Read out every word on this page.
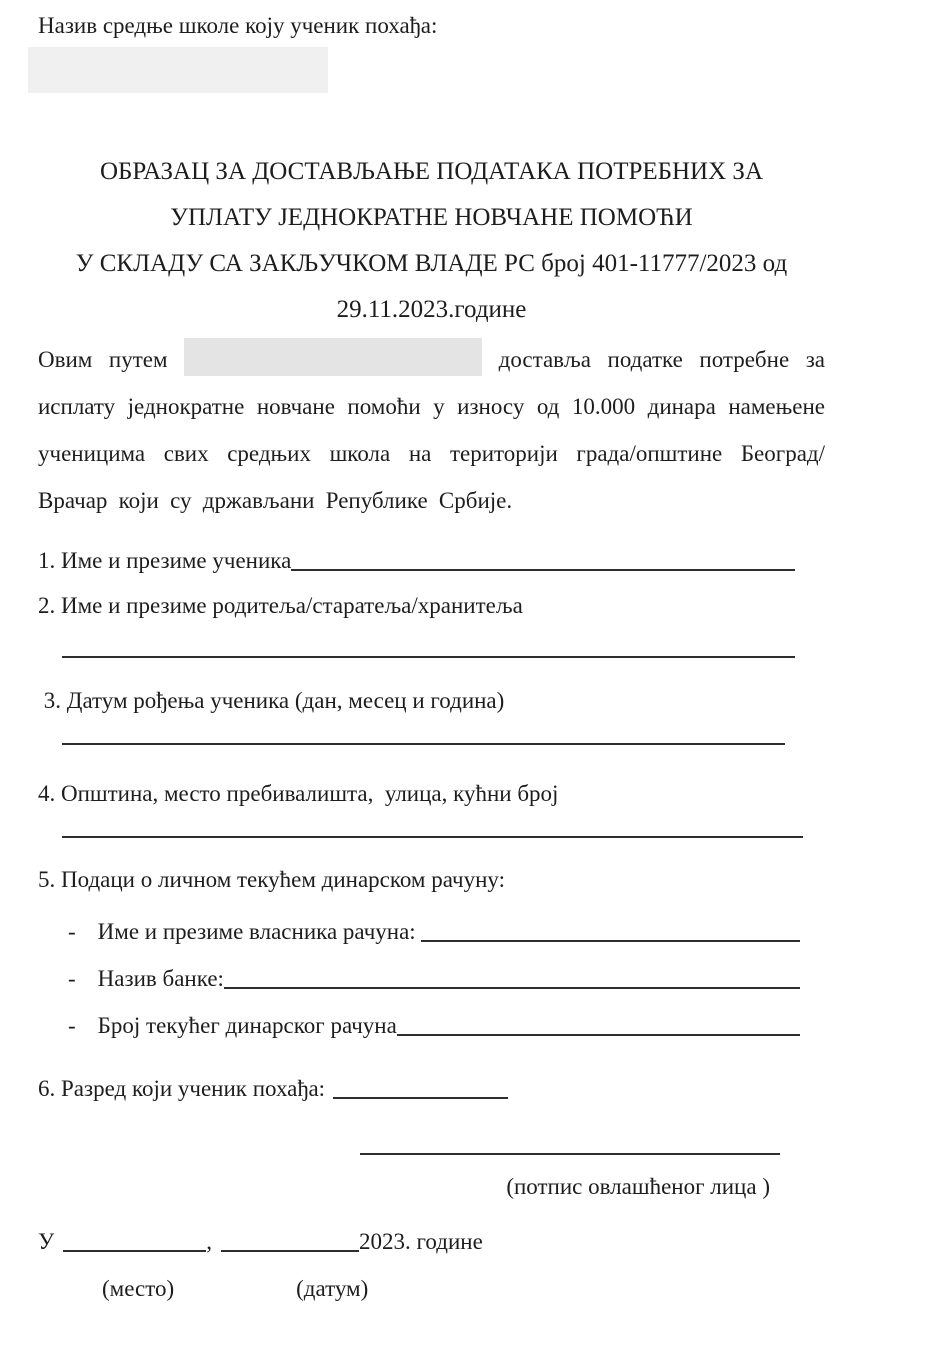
Назив средње школе коју ученик похађа:
ОБРАЗАЦ ЗА ДОСТАВЉАЊЕ ПОДАТАКА ПОТРЕБНИХ ЗА
УПЛАТУ ЈЕДНОКРАТНЕ НОВЧАНЕ ПОМОЋИ
У СКЛАДУ СА ЗАКЉУЧКОМ ВЛАДЕ РС број 401-11777/2023 од
29.11.2023.године

Овим путем	доставља податке потребне за исплату једнократне новчане помоћи у износу од 10.000 динара намењене ученицима свих средњих школа на територији града/општине Београд/Врачар који су држављани Републике Србије.

1. Име и презиме ученика
2. Име и презиме родитеља/старатеља/хранитеља
3. Датум рођења ученика (дан, месец и година)
4. Општина, место пребивалишта,  улица, кућни број
5. Подаци о личном текућем динарском рачуну:
- Име и презиме власника рачуна:
- Назив банке:
- Број текућег динарског рачуна
6. Разред који ученик похађа:
(потпис овлашћеног лица )
У	,	2023. године
(место)	(датум)
